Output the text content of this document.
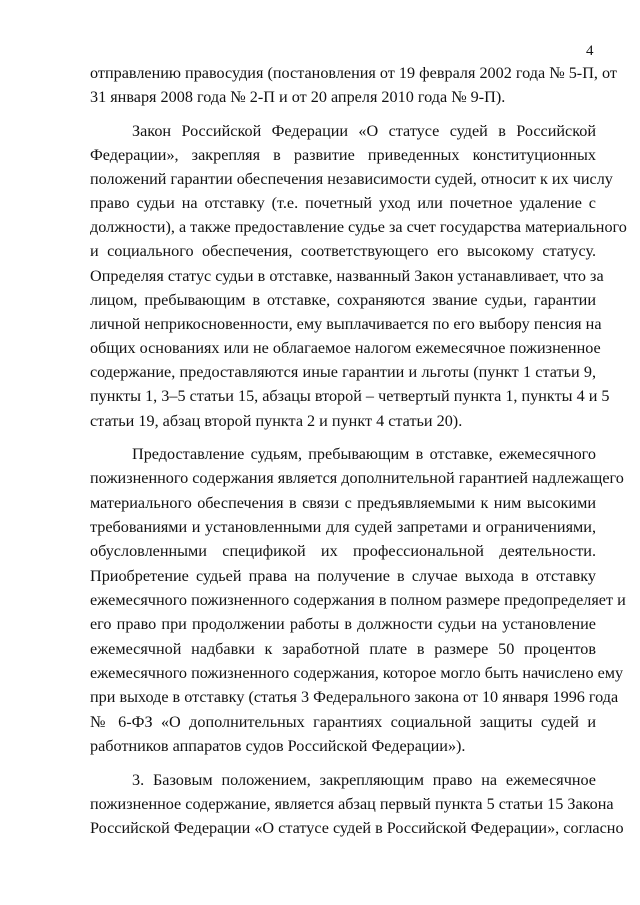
4
отправлению правосудия (постановления от 19 февраля 2002 года № 5-П, от
31 января 2008 года № 2-П и от 20 апреля 2010 года № 9-П).
Закон Российской Федерации «О статусе судей в Российской
Федерации», закрепляя в развитие приведенных конституционных
положений гарантии обеспечения независимости судей, относит к их числу
право судьи на отставку (т.е. почетный уход или почетное удаление с
должности), а также предоставление судье за счет государства материального
и социального обеспечения, соответствующего его высокому статусу.
Определяя статус судьи в отставке, названный Закон устанавливает, что за
лицом, пребывающим в отставке, сохраняются звание судьи, гарантии
личной неприкосновенности, ему выплачивается по его выбору пенсия на
общих основаниях или не облагаемое налогом ежемесячное пожизненное
содержание, предоставляются иные гарантии и льготы (пункт 1 статьи 9,
пункты 1, 3–5 статьи 15, абзацы второй – четвертый пункта 1, пункты 4 и 5
статьи 19, абзац второй пункта 2 и пункт 4 статьи 20).
Предоставление судьям, пребывающим в отставке, ежемесячного
пожизненного содержания является дополнительной гарантией надлежащего
материального обеспечения в связи с предъявляемыми к ним высокими
требованиями и установленными для судей запретами и ограничениями,
обусловленными спецификой их профессиональной деятельности.
Приобретение судьей права на получение в случае выхода в отставку
ежемесячного пожизненного содержания в полном размере предопределяет и
его право при продолжении работы в должности судьи на установление
ежемесячной надбавки к заработной плате в размере 50 процентов
ежемесячного пожизненного содержания, которое могло быть начислено ему
при выходе в отставку (статья 3 Федерального закона от 10 января 1996 года
№ 6-ФЗ «О дополнительных гарантиях социальной защиты судей и
работников аппаратов судов Российской Федерации»).
3. Базовым положением, закрепляющим право на ежемесячное
пожизненное содержание, является абзац первый пункта 5 статьи 15 Закона
Российской Федерации «О статусе судей в Российской Федерации», согласно
